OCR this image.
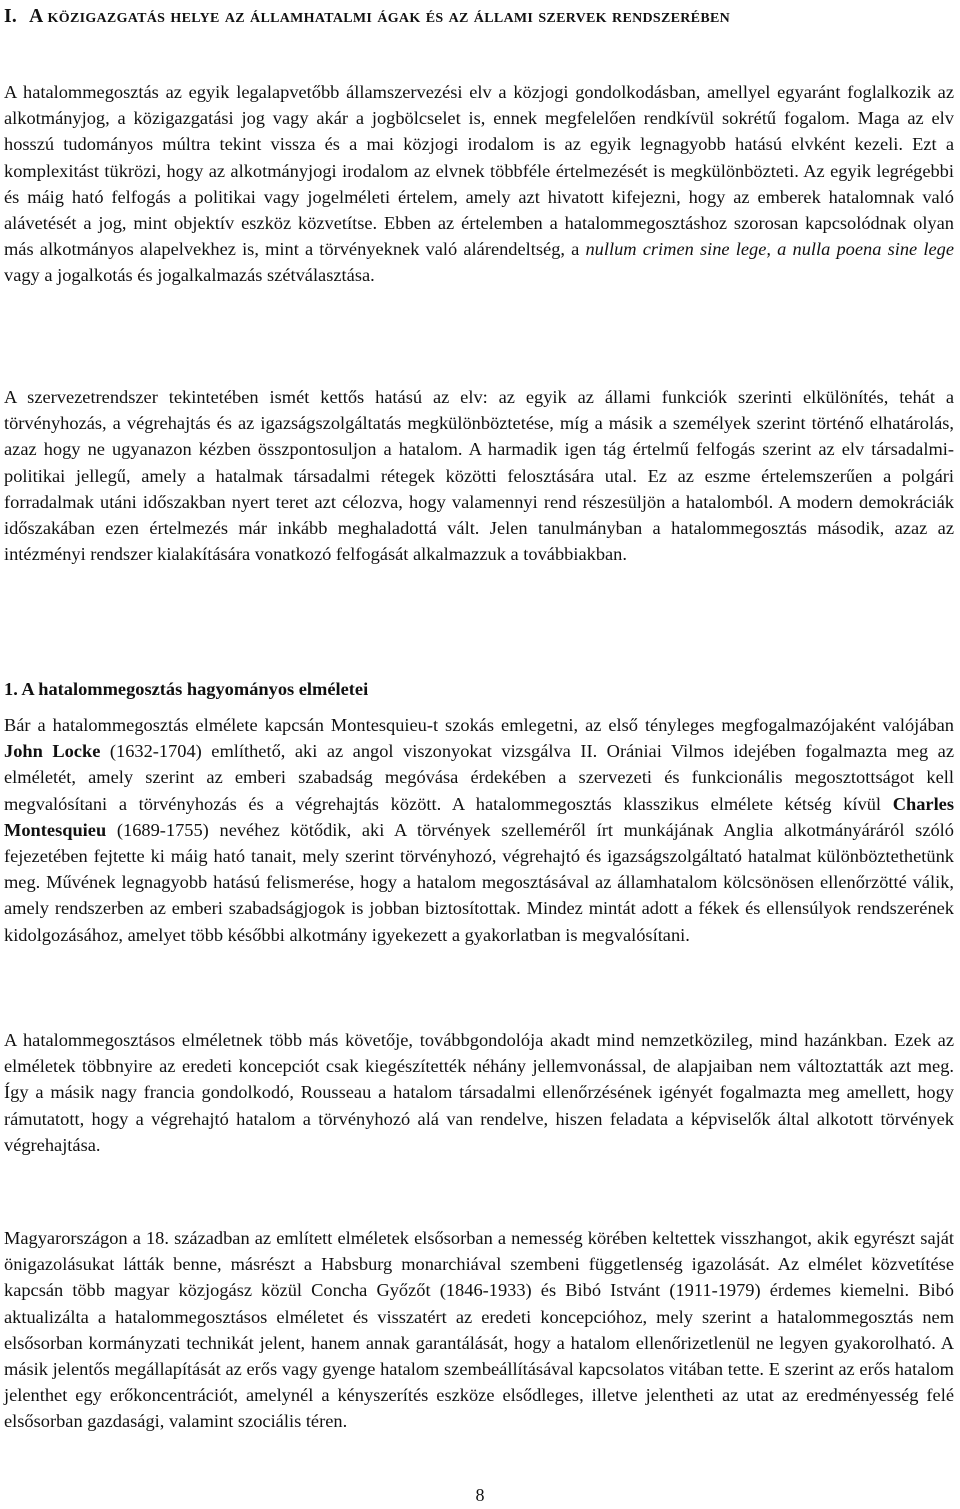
I. A közigazgatás helye az államhatalmi ágak és az állami szervek rendszerében

A hatalommegosztás az egyik legalapvetőbb államszervezési elv a közjogi gondolkodásban, amellyel egyaránt foglalkozik az alkotmányjog, a közigazgatási jog vagy akár a jogbölcselet is, ennek megfelelően rendkívül sokrétű fogalom. Maga az elv hosszú tudományos múltra tekint vissza és a mai közjogi irodalom is az egyik legnagyobb hatású elvként kezeli. Ezt a komplexitást tükrözi, hogy az alkotmányjogi irodalom az elvnek többféle értelmezését is megkülönbözteti. Az egyik legrégebbi és máig ható felfogás a politikai vagy jogelméleti értelem, amely azt hivatott kifejezni, hogy az emberek hatalomnak való alávetését a jog, mint objektív eszköz közvetítse. Ebben az értelemben a hatalommegosztáshoz szorosan kapcsolódnak olyan más alkotmányos alapelvekhez is, mint a törvényeknek való alárendeltség, a nullum crimen sine lege, a nulla poena sine lege vagy a jogalkotás és jogalkalmazás szétválasztása.

A szervezetrendszer tekintetében ismét kettős hatású az elv: az egyik az állami funkciók szerinti elkülönítés, tehát a törvényhozás, a végrehajtás és az igazságszolgáltatás megkülönböztetése, míg a másik a személyek szerint történő elhatárolás, azaz hogy ne ugyanazon kézben összpontosuljon a hatalom. A harmadik igen tág értelmű felfogás szerint az elv társadalmi-politikai jellegű, amely a hatalmak társadalmi rétegek közötti felosztására utal. Ez az eszme értelemszerűen a polgári forradalmak utáni időszakban nyert teret azt célozva, hogy valamennyi rend részesüljön a hatalomból. A modern demokráciák időszakában ezen értelmezés már inkább meghaladottá vált. Jelen tanulmányban a hatalommegosztás második, azaz az intézményi rendszer kialakítására vonatkozó felfogását alkalmazzuk a továbbiakban.

1. A hatalommegosztás hagyományos elméletei

Bár a hatalommegosztás elmélete kapcsán Montesquieu-t szokás emlegetni, az első tényleges megfogalmazójaként valójában John Locke (1632-1704) említhető, aki az angol viszonyokat vizsgálva II. Orániai Vilmos idejében fogalmazta meg az elméletét, amely szerint az emberi szabadság megóvása érdekében a szervezeti és funkcionális megosztottságot kell megvalósítani a törvényhozás és a végrehajtás között. A hatalommegosztás klasszikus elmélete kétség kívül Charles Montesquieu (1689-1755) nevéhez kötődik, aki A törvények szelleméről írt munkájának Anglia alkotmányáráról szóló fejezetében fejtette ki máig ható tanait, mely szerint törvényhozó, végrehajtó és igazságszolgáltató hatalmat különböztethetünk meg. Művének legnagyobb hatású felismerése, hogy a hatalom megosztásával az államhatalom kölcsönösen ellenőrzötté válik, amely rendszerben az emberi szabadságjogok is jobban biztosítottak. Mindez mintát adott a fékek és ellensúlyok rendszerének kidolgozásához, amelyet több későbbi alkotmány igyekezett a gyakorlatban is megvalósítani.

A hatalommegosztásos elméletnek több más követője, továbbgondolója akadt mind nemzetközileg, mind hazánkban. Ezek az elméletek többnyire az eredeti koncepciót csak kiegészítették néhány jellemvonással, de alapjaiban nem változtatták azt meg. Így a másik nagy francia gondolkodó, Rousseau a hatalom társadalmi ellenőrzésének igényét fogalmazta meg amellett, hogy rámutatott, hogy a végrehajtó hatalom a törvényhozó alá van rendelve, hiszen feladata a képviselők által alkotott törvények végrehajtása.

Magyarországon a 18. században az említett elméletek elsősorban a nemesség körében keltettek visszhangot, akik egyrészt saját önigazolásukat látták benne, másrészt a Habsburg monarchiával szembeni függetlenség igazolását. Az elmélet közvetítése kapcsán több magyar közjogász közül Concha Győzőt (1846-1933) és Bibó Istvánt (1911-1979) érdemes kiemelni. Bibó aktualizálta a hatalommegosztásos elméletet és visszatért az eredeti koncepcióhoz, mely szerint a hatalommegosztás nem elsősorban kormányzati technikát jelent, hanem annak garantálását, hogy a hatalom ellenőrizetlenül ne legyen gyakorolható. A másik jelentős megállapítását az erős vagy gyenge hatalom szembeállításával kapcsolatos vitában tette. E szerint az erős hatalom jelenthet egy erőkoncentrációt, amelynél a kényszerítés eszköze elsődleges, illetve jelentheti az utat az eredményesség felé elsősorban gazdasági, valamint szociális téren.

8
